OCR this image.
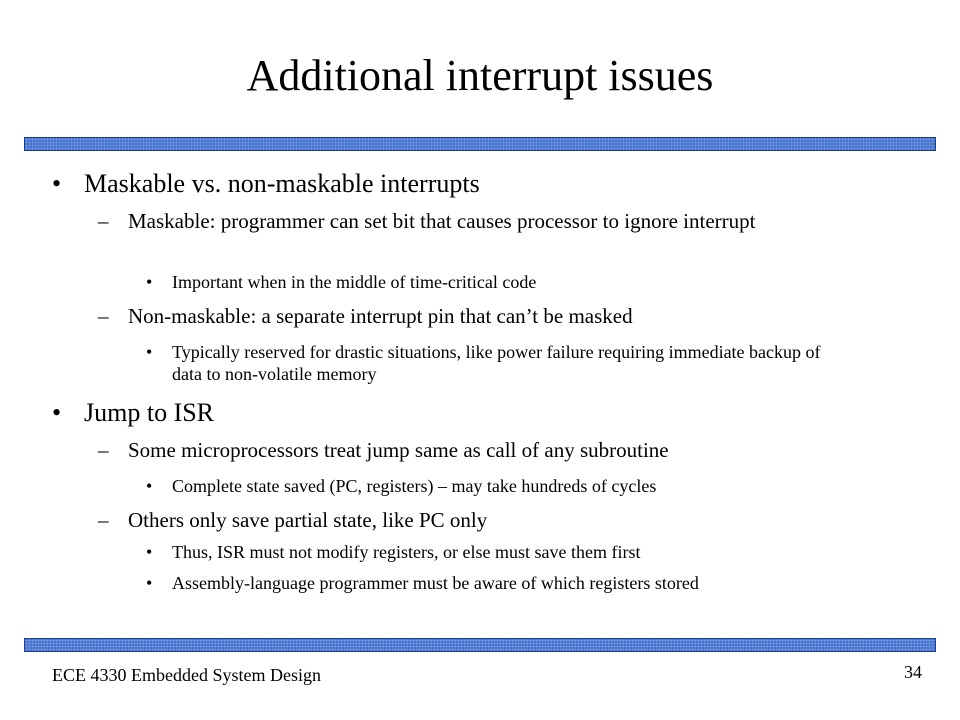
Additional interrupt issues
• Maskable vs. non-maskable interrupts
– Maskable: programmer can set bit that causes processor to ignore interrupt
• Important when in the middle of time-critical code
– Non-maskable: a separate interrupt pin that can’t be masked
• Typically reserved for drastic situations, like power failure requiring immediate backup of data to non-volatile memory
• Jump to ISR
– Some microprocessors treat jump same as call of any subroutine
• Complete state saved (PC, registers) – may take hundreds of cycles
– Others only save partial state, like PC only
• Thus, ISR must not modify registers, or else must save them first
• Assembly-language programmer must be aware of which registers stored
ECE 4330 Embedded System Design	34
